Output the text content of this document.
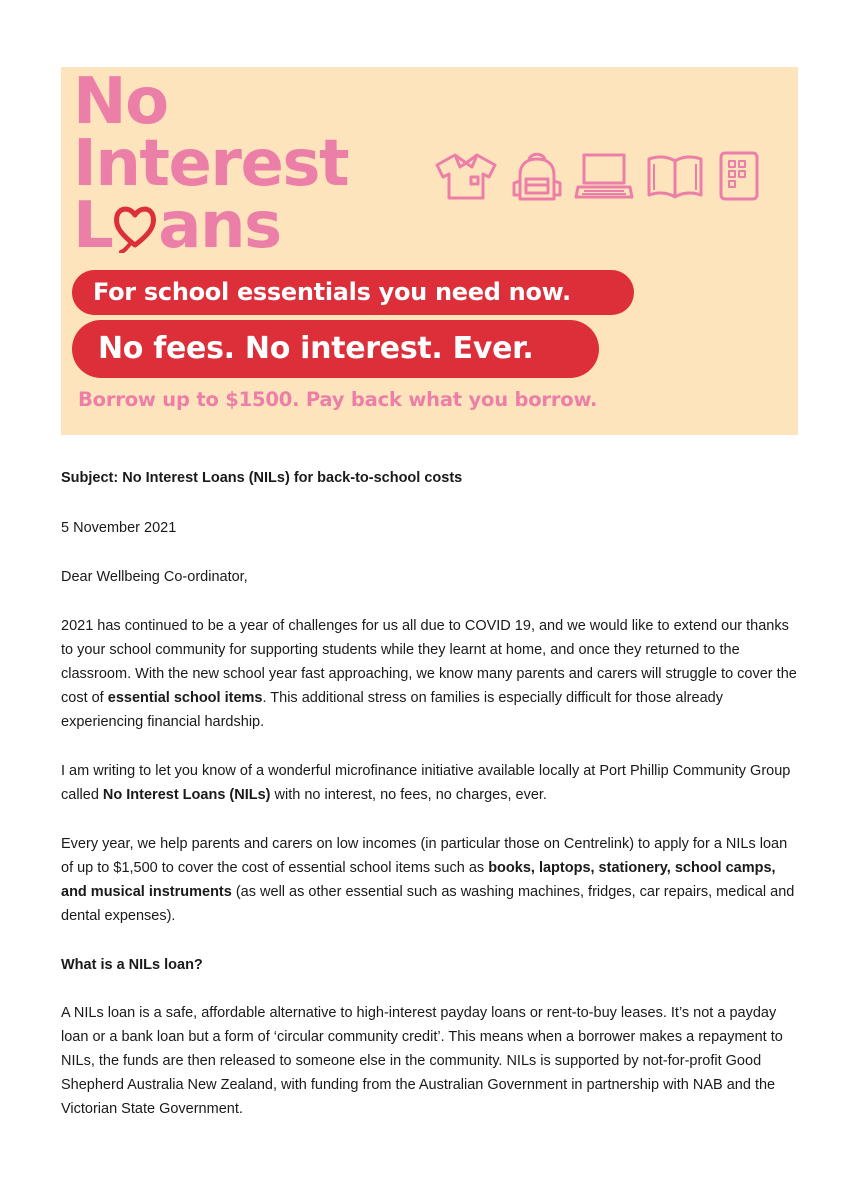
No
Interest
L ans
For school essentials you need now.
No fees. No interest. Ever.

Borrow up to $1500. Pay back what you borrow.

Subject: No Interest Loans (NILs) for back-to-school costs

5 November 2021

Dear Wellbeing Co-ordinator,

2021 has continued to be a year of challenges for us all due to COVID 19, and we would like to extend our thanks to your school community for supporting students while they learnt at home, and once they returned to the classroom. With the new school year fast approaching, we know many parents and carers will struggle to cover the cost of essential school items. This additional stress on families is especially difficult for those already experiencing financial hardship.

I am writing to let you know of a wonderful microfinance initiative available locally at Port Phillip Community Group called No Interest Loans (NILs) with no interest, no fees, no charges, ever.

Every year, we help parents and carers on low incomes (in particular those on Centrelink) to apply for a NILs loan of up to $1,500 to cover the cost of essential school items such as books, laptops, stationery, school camps, and musical instruments (as well as other essential such as washing machines, fridges, car repairs, medical and dental expenses).

What is a NILs loan?

A NILs loan is a safe, affordable alternative to high-interest payday loans or rent-to-buy leases. It’s not a payday loan or a bank loan but a form of ‘circular community credit’. This means when a borrower makes a repayment to NILs, the funds are then released to someone else in the community. NILs is supported by not-for-profit Good Shepherd Australia New Zealand, with funding from the Australian Government in partnership with NAB and the Victorian State Government.
